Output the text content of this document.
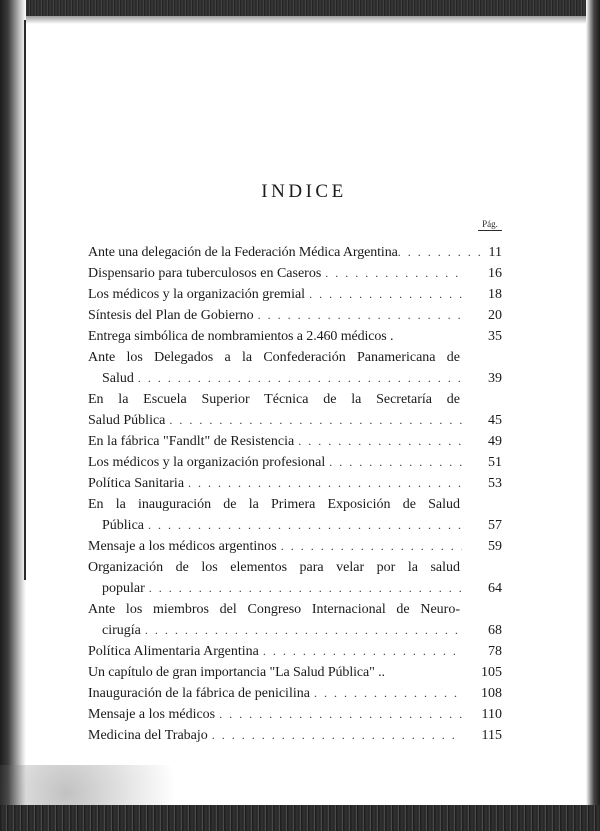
INDICE
Pág.
Ante una delegación de la Federación Médica Argentina . . .	11
Dispensario para tuberculosos en Caseros . . .	16
Los médicos y la organización gremial . . .	18
Síntesis del Plan de Gobierno . . .	20
Entrega simbólica de nombramientos a 2.460 médicos .	35
Ante los Delegados a la Confederación Panamericana de
Salud . . .	39
En la Escuela Superior Técnica de la Secretaría de
Salud Pública . . .	45
En la fábrica "Fandlt" de Resistencia . . .	49
Los médicos y la organización profesional . . .	51
Política Sanitaria . . .	53
En la inauguración de la Primera Exposición de Salud
Pública . . .	57
Mensaje a los médicos argentinos . . .	59
Organización de los elementos para velar por la salud
popular . . .	64
Ante los miembros del Congreso Internacional de Neuro-
cirugía . . .	68
Política Alimentaria Argentina . . .	78
Un capítulo de gran importancia "La Salud Pública" ..	105
Inauguración de la fábrica de penicilina . . .	108
Mensaje a los médicos . . .	110
Medicina del Trabajo . . .	115
